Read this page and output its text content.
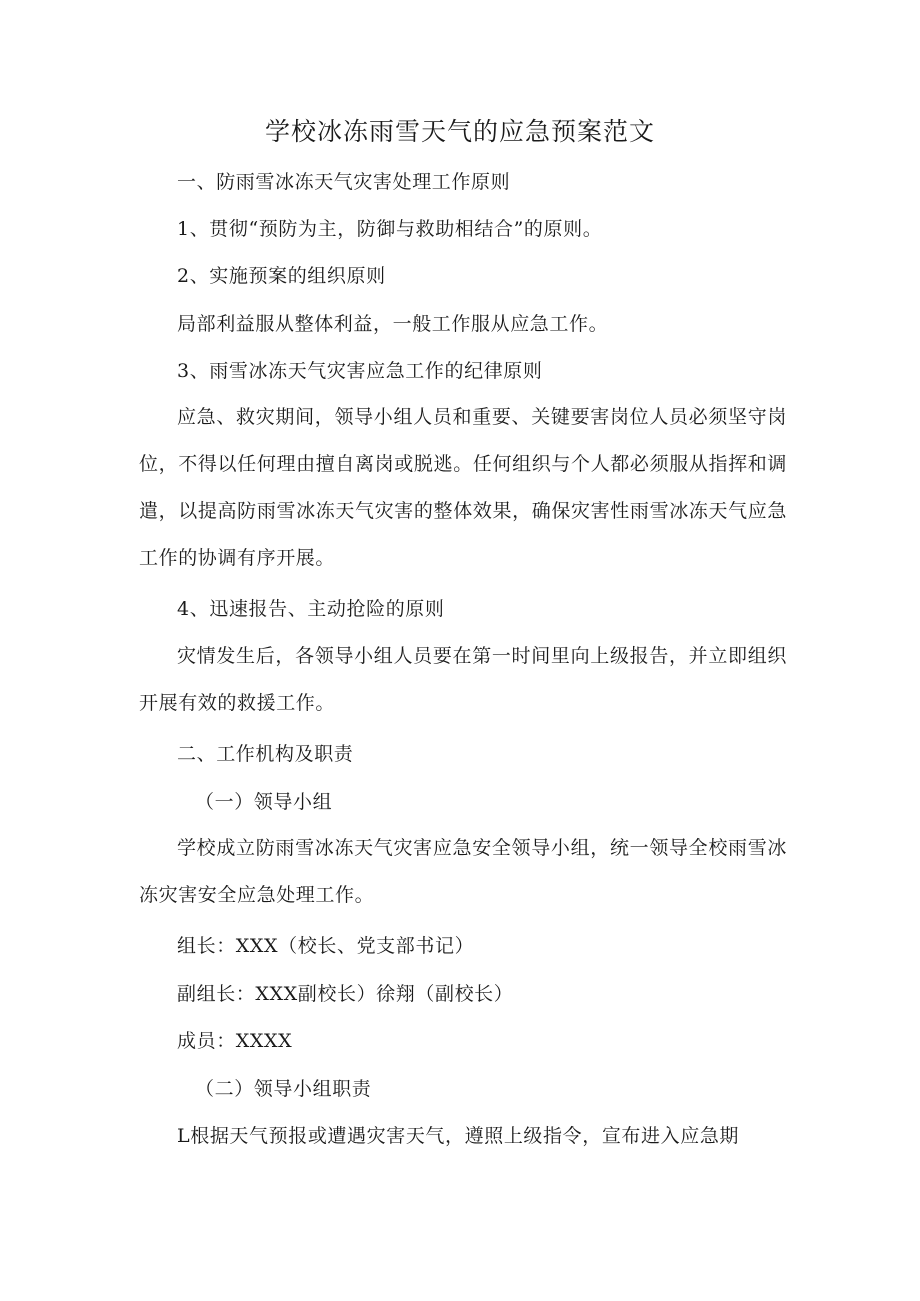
学校冰冻雨雪天气的应急预案范文
一、防雨雪冰冻天气灾害处理工作原则
1、贯彻“预防为主，防御与救助相结合”的原则。
2、实施预案的组织原则
局部利益服从整体利益，一般工作服从应急工作。
3、雨雪冰冻天气灾害应急工作的纪律原则
应急、救灾期间，领导小组人员和重要、关键要害岗位人员必须坚守岗位，不得以任何理由擅自离岗或脱逃。任何组织与个人都必须服从指挥和调遣，以提高防雨雪冰冻天气灾害的整体效果，确保灾害性雨雪冰冻天气应急工作的协调有序开展。
4、迅速报告、主动抢险的原则
灾情发生后，各领导小组人员要在第一时间里向上级报告，并立即组织开展有效的救援工作。
二、工作机构及职责
（一）领导小组
学校成立防雨雪冰冻天气灾害应急安全领导小组，统一领导全校雨雪冰冻灾害安全应急处理工作。
组长：XXX（校长、党支部书记）
副组长：XXX副校长）徐翔（副校长）
成员：XXXX
（二）领导小组职责
L根据天气预报或遭遇灾害天气，遵照上级指令，宣布进入应急期
